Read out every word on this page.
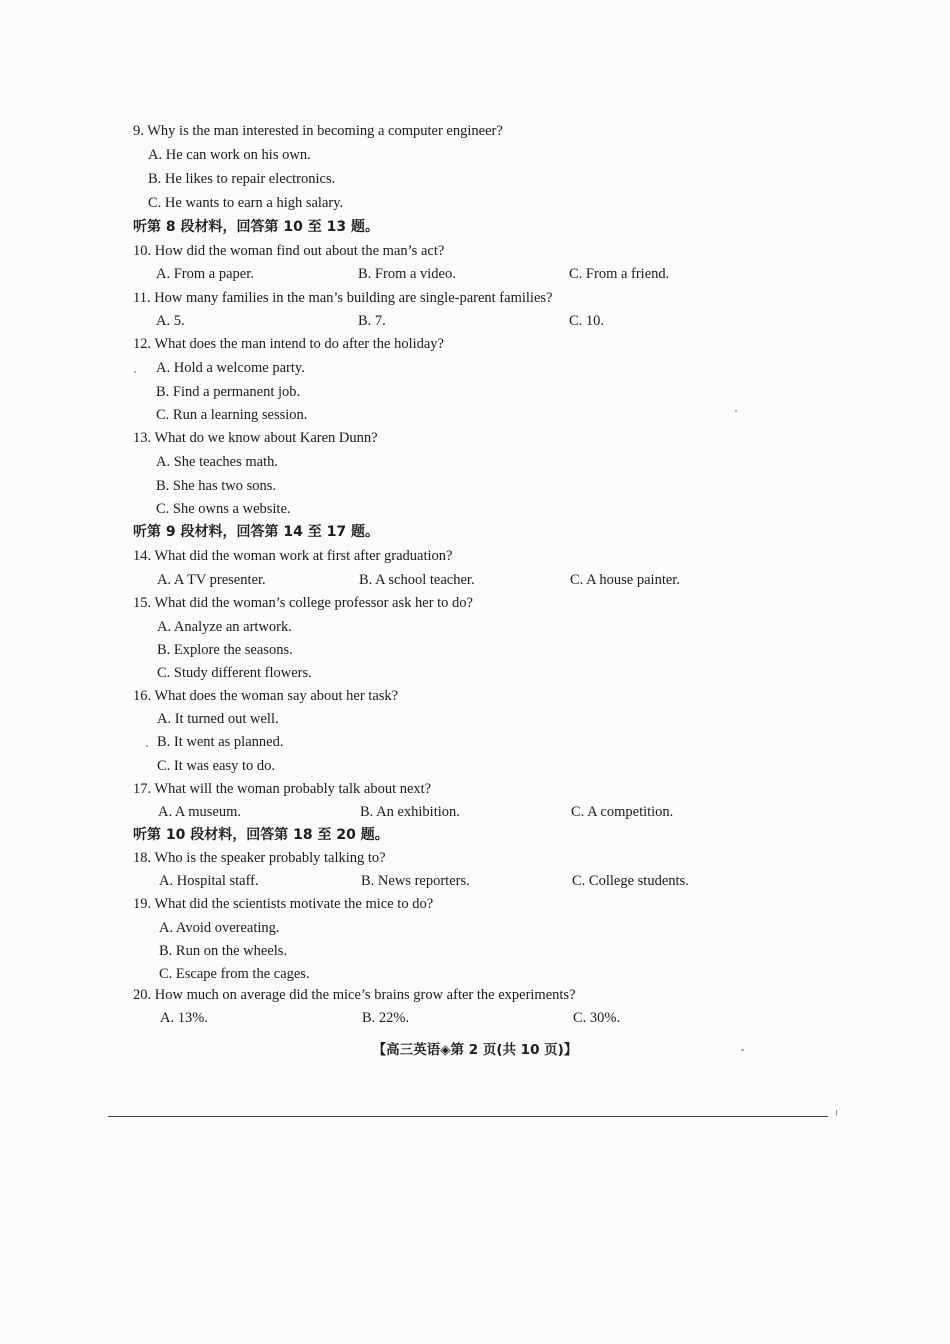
9. Why is the man interested in becoming a computer engineer?
A. He can work on his own.
B. He likes to repair electronics.
C. He wants to earn a high salary.
听第 8 段材料，回答第 10 至 13 题。
10. How did the woman find out about the man’s act?
A. From a paper.	B. From a video.	C. From a friend.
11. How many families in the man’s building are single-parent families?
A. 5.	B. 7.	C. 10.
12. What does the man intend to do after the holiday?
A. Hold a welcome party.
B. Find a permanent job.
C. Run a learning session.
13. What do we know about Karen Dunn?
A. She teaches math.
B. She has two sons.
C. She owns a website.
听第 9 段材料，回答第 14 至 17 题。
14. What did the woman work at first after graduation?
A. A TV presenter.	B. A school teacher.	C. A house painter.
15. What did the woman’s college professor ask her to do?
A. Analyze an artwork.
B. Explore the seasons.
C. Study different flowers.
16. What does the woman say about her task?
A. It turned out well.
B. It went as planned.
C. It was easy to do.
17. What will the woman probably talk about next?
A. A museum.	B. An exhibition.	C. A competition.
听第 10 段材料，回答第 18 至 20 题。
18. Who is the speaker probably talking to?
A. Hospital staff.	B. News reporters.	C. College students.
19. What did the scientists motivate the mice to do?
A. Avoid overeating.
B. Run on the wheels.
C. Escape from the cages.
20. How much on average did the mice’s brains grow after the experiments?
A. 13%.	B. 22%.	C. 30%.
【高三英语◈第 2 页(共 10 页)】
